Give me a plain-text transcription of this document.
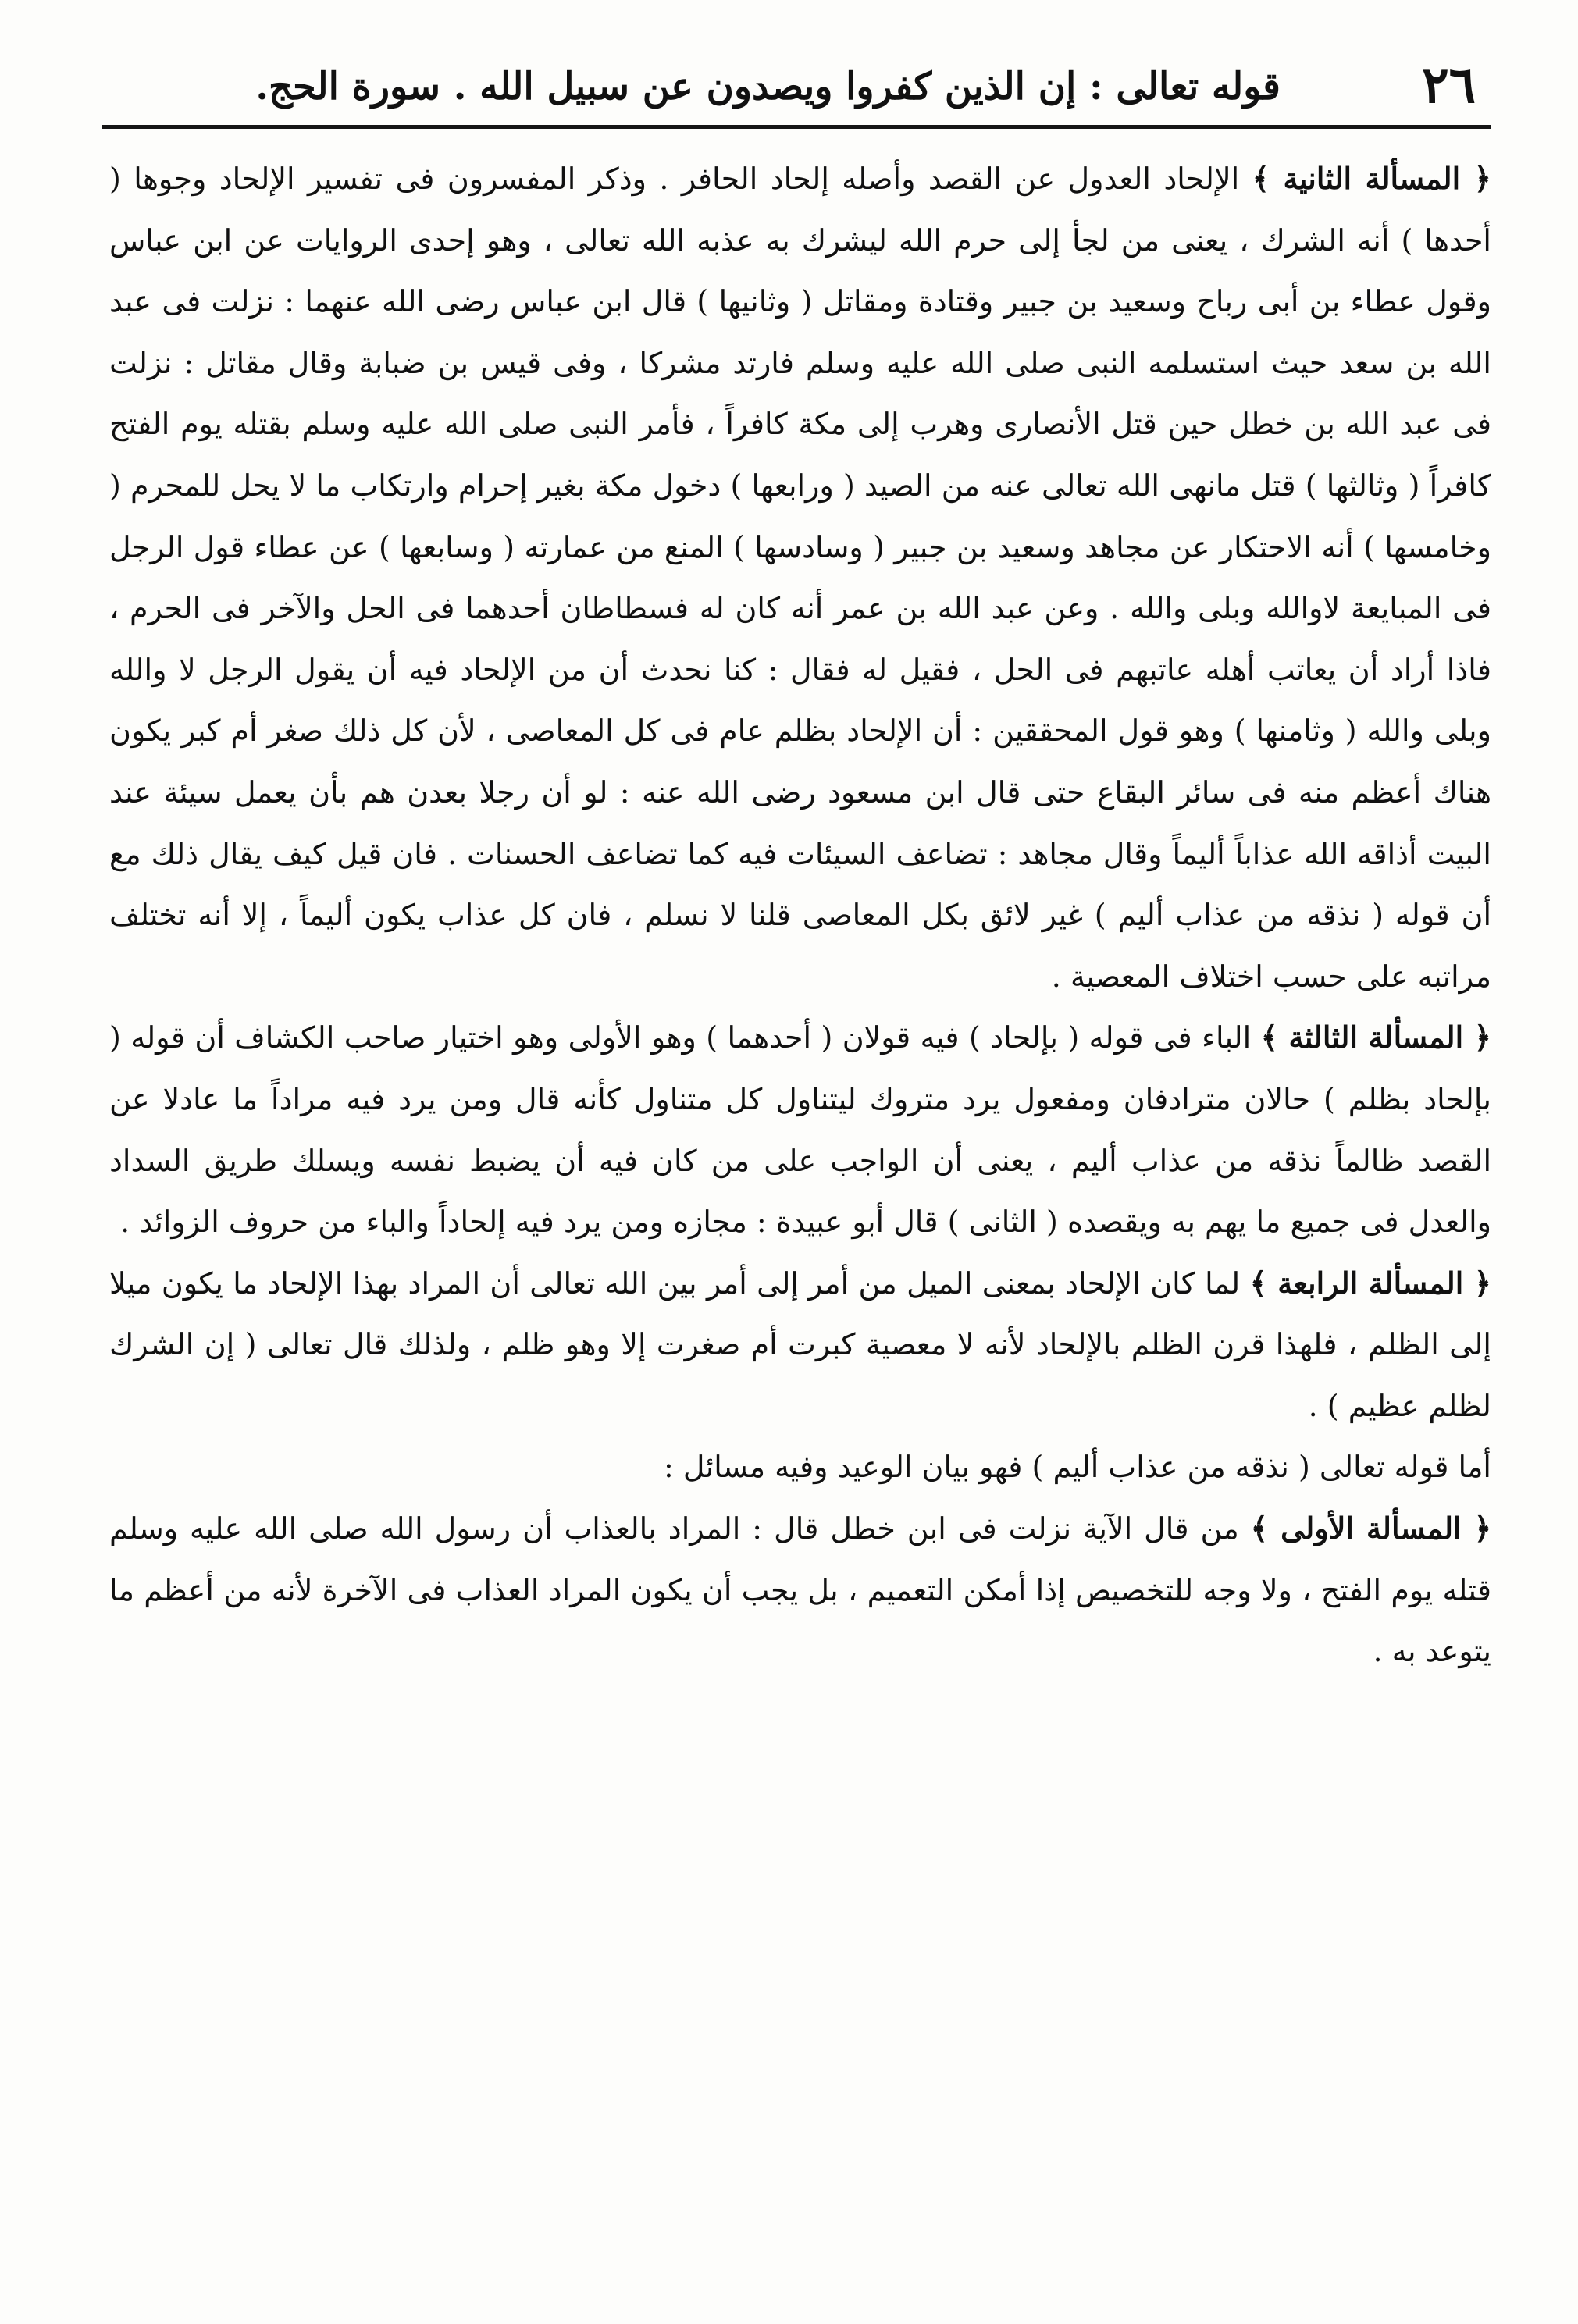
٢٦
قوله تعالى : إن الذين كفروا ويصدون عن سبيل الله . سورة الحج.

﴿ المسألة الثانية ﴾ الإلحاد العدول عن القصد وأصله إلحاد الحافر . وذكر المفسرون فى تفسير الإلحاد وجوها ( أحدها ) أنه الشرك ، يعنى من لجأ إلى حرم الله ليشرك به عذبه الله تعالى ، وهو إحدى الروايات عن ابن عباس وقول عطاء بن أبى رباح وسعيد بن جبير وقتادة ومقاتل ( وثانيها ) قال ابن عباس رضى الله عنهما : نزلت فى عبد الله بن سعد حيث استسلمه النبى صلى الله عليه وسلم فارتد مشركا ، وفى قيس بن ضبابة وقال مقاتل : نزلت فى عبد الله بن خطل حين قتل الأنصارى وهرب إلى مكة كافراً ، فأمر النبى صلى الله عليه وسلم بقتله يوم الفتح كافراً ( وثالثها ) قتل مانهى الله تعالى عنه من الصيد ( ورابعها ) دخول مكة بغير إحرام وارتكاب ما لا يحل للمحرم ( وخامسها ) أنه الاحتكار عن مجاهد وسعيد بن جبير ( وسادسها ) المنع من عمارته ( وسابعها ) عن عطاء قول الرجل فى المبايعة لاوالله وبلى والله . وعن عبد الله بن عمر أنه كان له فسطاطان أحدهما فى الحل والآخر فى الحرم ، فاذا أراد أن يعاتب أهله عاتبهم فى الحل ، فقيل له فقال : كنا نحدث أن من الإلحاد فيه أن يقول الرجل لا والله وبلى والله ( وثامنها ) وهو قول المحققين : أن الإلحاد بظلم عام فى كل المعاصى ، لأن كل ذلك صغر أم كبر يكون هناك أعظم منه فى سائر البقاع حتى قال ابن مسعود رضى الله عنه : لو أن رجلا بعدن هم بأن يعمل سيئة عند البيت أذاقه الله عذاباً أليماً وقال مجاهد : تضاعف السيئات فيه كما تضاعف الحسنات . فان قيل كيف يقال ذلك مع أن قوله ( نذقه من عذاب أليم ) غير لائق بكل المعاصى قلنا لا نسلم ، فان كل عذاب يكون أليماً ، إلا أنه تختلف مراتبه على حسب اختلاف المعصية .

﴿ المسألة الثالثة ﴾ الباء فى قوله ( بإلحاد ) فيه قولان ( أحدهما ) وهو الأولى وهو اختيار صاحب الكشاف أن قوله ( بإلحاد بظلم ) حالان مترادفان ومفعول يرد متروك ليتناول كل متناول كأنه قال ومن يرد فيه مراداً ما عادلا عن القصد ظالماً نذقه من عذاب أليم ، يعنى أن الواجب على من كان فيه أن يضبط نفسه ويسلك طريق السداد والعدل فى جميع ما يهم به ويقصده ( الثانى ) قال أبو عبيدة : مجازه ومن يرد فيه إلحاداً والباء من حروف الزوائد .

﴿ المسألة الرابعة ﴾ لما كان الإلحاد بمعنى الميل من أمر إلى أمر بين الله تعالى أن المراد بهذا الإلحاد ما يكون ميلا إلى الظلم ، فلهذا قرن الظلم بالإلحاد لأنه لا معصية كبرت أم صغرت إلا وهو ظلم ، ولذلك قال تعالى ( إن الشرك لظلم عظيم ) .

أما قوله تعالى ( نذقه من عذاب أليم ) فهو بيان الوعيد وفيه مسائل :

﴿ المسألة الأولى ﴾ من قال الآية نزلت فى ابن خطل قال : المراد بالعذاب أن رسول الله صلى الله عليه وسلم قتله يوم الفتح ، ولا وجه للتخصيص إذا أمكن التعميم ، بل يجب أن يكون المراد العذاب فى الآخرة لأنه من أعظم ما يتوعد به .
